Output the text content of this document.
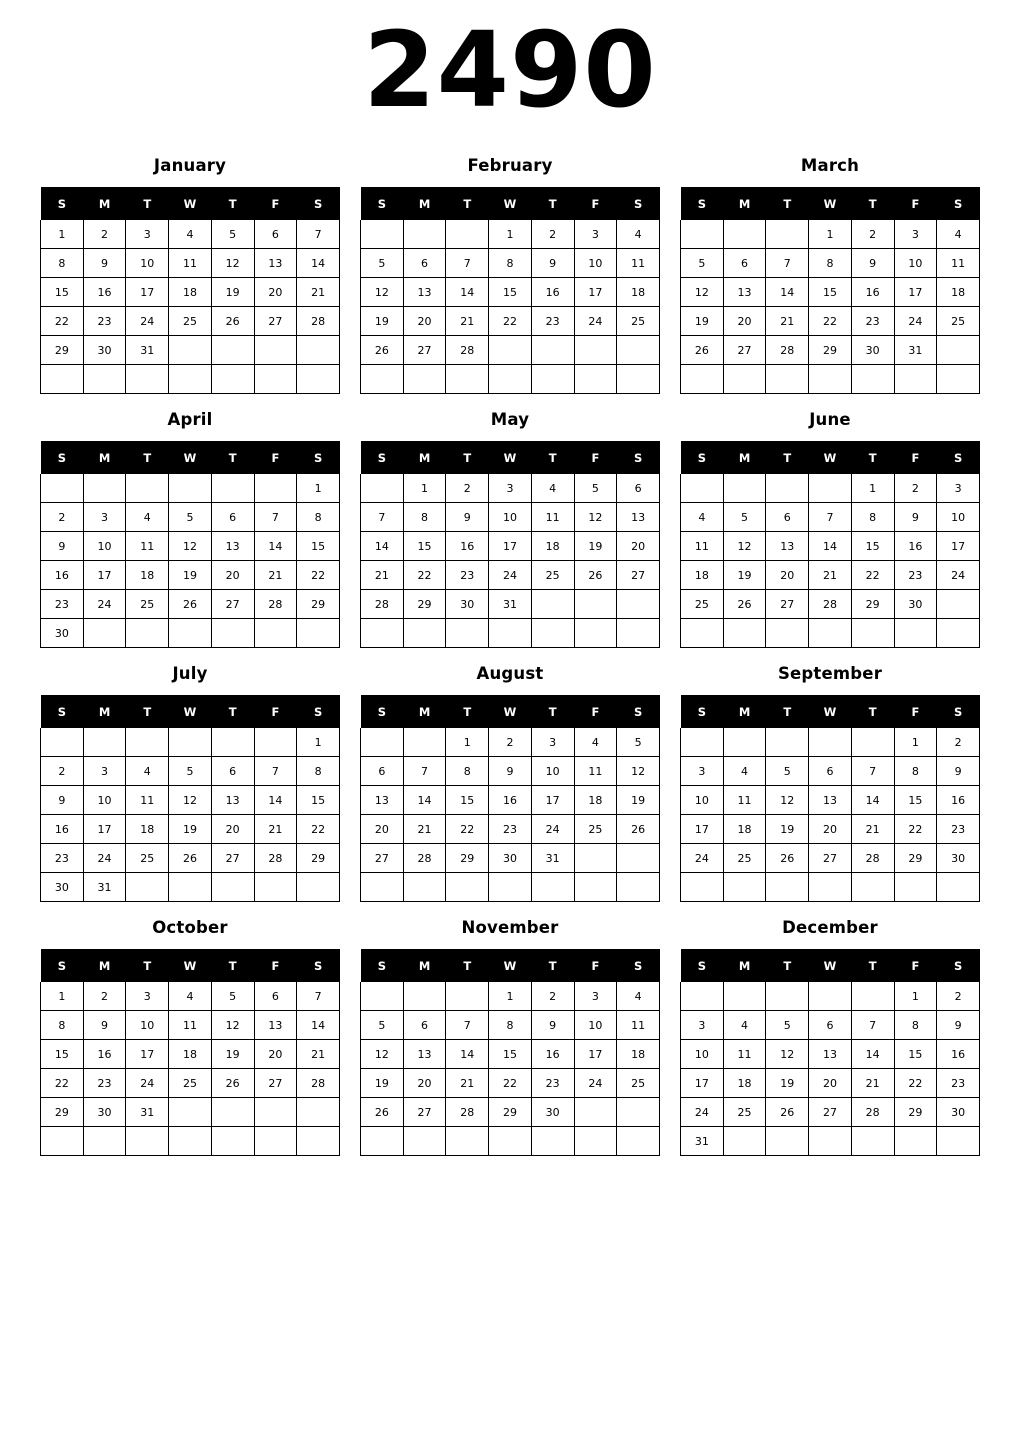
2490
January
S	M	T	W	T	F	S
1	2	3	4	5	6	7
8	9	10	11	12	13	14
15	16	17	18	19	20	21
22	23	24	25	26	27	28
29	30	31				

February
S	M	T	W	T	F	S
			1	2	3	4
5	6	7	8	9	10	11
12	13	14	15	16	17	18
19	20	21	22	23	24	25
26	27	28				

March
S	M	T	W	T	F	S
			1	2	3	4
5	6	7	8	9	10	11
12	13	14	15	16	17	18
19	20	21	22	23	24	25
26	27	28	29	30	31	

April
S	M	T	W	T	F	S
						1
2	3	4	5	6	7	8
9	10	11	12	13	14	15
16	17	18	19	20	21	22
23	24	25	26	27	28	29
30						
May
S	M	T	W	T	F	S
	1	2	3	4	5	6
7	8	9	10	11	12	13
14	15	16	17	18	19	20
21	22	23	24	25	26	27
28	29	30	31			

June
S	M	T	W	T	F	S
				1	2	3
4	5	6	7	8	9	10
11	12	13	14	15	16	17
18	19	20	21	22	23	24
25	26	27	28	29	30	

July
S	M	T	W	T	F	S
						1
2	3	4	5	6	7	8
9	10	11	12	13	14	15
16	17	18	19	20	21	22
23	24	25	26	27	28	29
30	31					
August
S	M	T	W	T	F	S
		1	2	3	4	5
6	7	8	9	10	11	12
13	14	15	16	17	18	19
20	21	22	23	24	25	26
27	28	29	30	31		

September
S	M	T	W	T	F	S
					1	2
3	4	5	6	7	8	9
10	11	12	13	14	15	16
17	18	19	20	21	22	23
24	25	26	27	28	29	30

October
S	M	T	W	T	F	S
1	2	3	4	5	6	7
8	9	10	11	12	13	14
15	16	17	18	19	20	21
22	23	24	25	26	27	28
29	30	31				

November
S	M	T	W	T	F	S
			1	2	3	4
5	6	7	8	9	10	11
12	13	14	15	16	17	18
19	20	21	22	23	24	25
26	27	28	29	30		

December
S	M	T	W	T	F	S
					1	2
3	4	5	6	7	8	9
10	11	12	13	14	15	16
17	18	19	20	21	22	23
24	25	26	27	28	29	30
31						
